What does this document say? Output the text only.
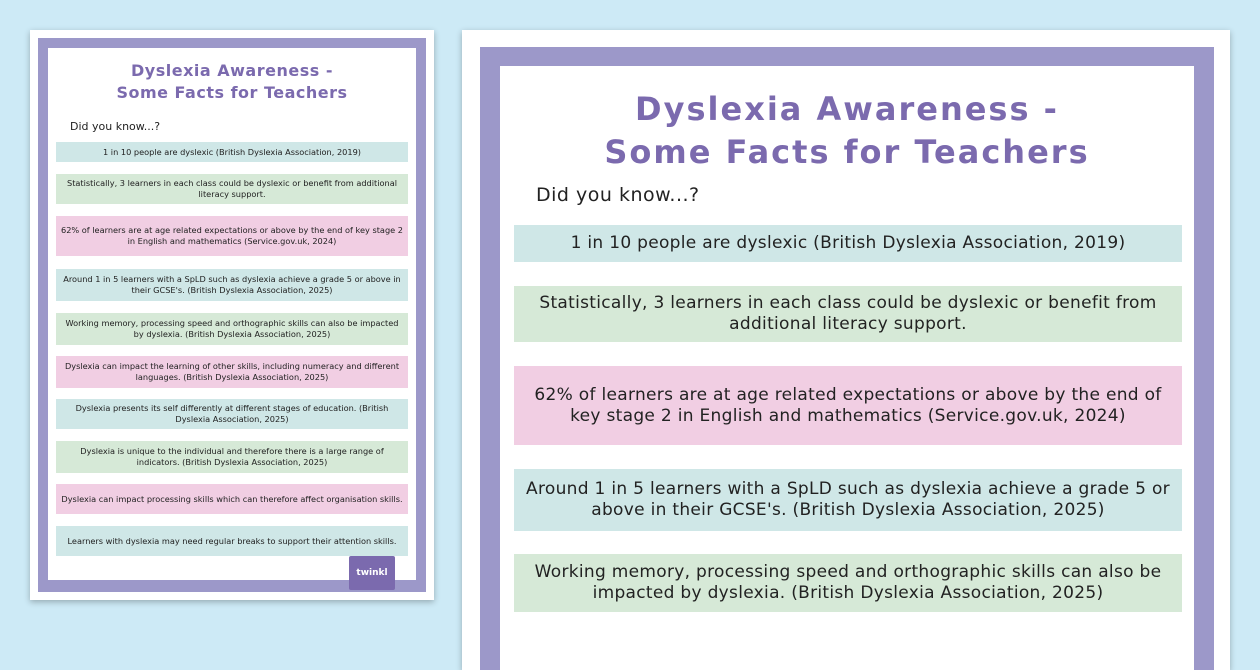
Dyslexia Awareness -
Some Facts for Teachers
Did you know...?
1 in 10 people are dyslexic (British Dyslexia Association, 2019)
Statistically, 3 learners in each class could be dyslexic or benefit from additional literacy support.
62% of learners are at age related expectations or above by the end of key stage 2 in English and mathematics (Service.gov.uk, 2024)
Around 1 in 5 learners with a SpLD such as dyslexia achieve a grade 5 or above in their GCSE's. (British Dyslexia Association, 2025)
Working memory, processing speed and orthographic skills can also be impacted by dyslexia. (British Dyslexia Association, 2025)
Dyslexia can impact the learning of other skills, including numeracy and different languages. (British Dyslexia Association, 2025)
Dyslexia presents its self differently at different stages of education. (British Dyslexia Association, 2025)
Dyslexia is unique to the individual and therefore there is a large range of indicators. (British Dyslexia Association, 2025)
Dyslexia can impact processing skills which can therefore affect organisation skills.
Learners with dyslexia may need regular breaks to support their attention skills.
twinkl
Dyslexia Awareness -
Some Facts for Teachers
Did you know...?
1 in 10 people are dyslexic (British Dyslexia Association, 2019)
Statistically, 3 learners in each class could be dyslexic or benefit from additional literacy support.
62% of learners are at age related expectations or above by the end of key stage 2 in English and mathematics (Service.gov.uk, 2024)
Around 1 in 5 learners with a SpLD such as dyslexia achieve a grade 5 or above in their GCSE's. (British Dyslexia Association, 2025)
Working memory, processing speed and orthographic skills can also be impacted by dyslexia. (British Dyslexia Association, 2025)
